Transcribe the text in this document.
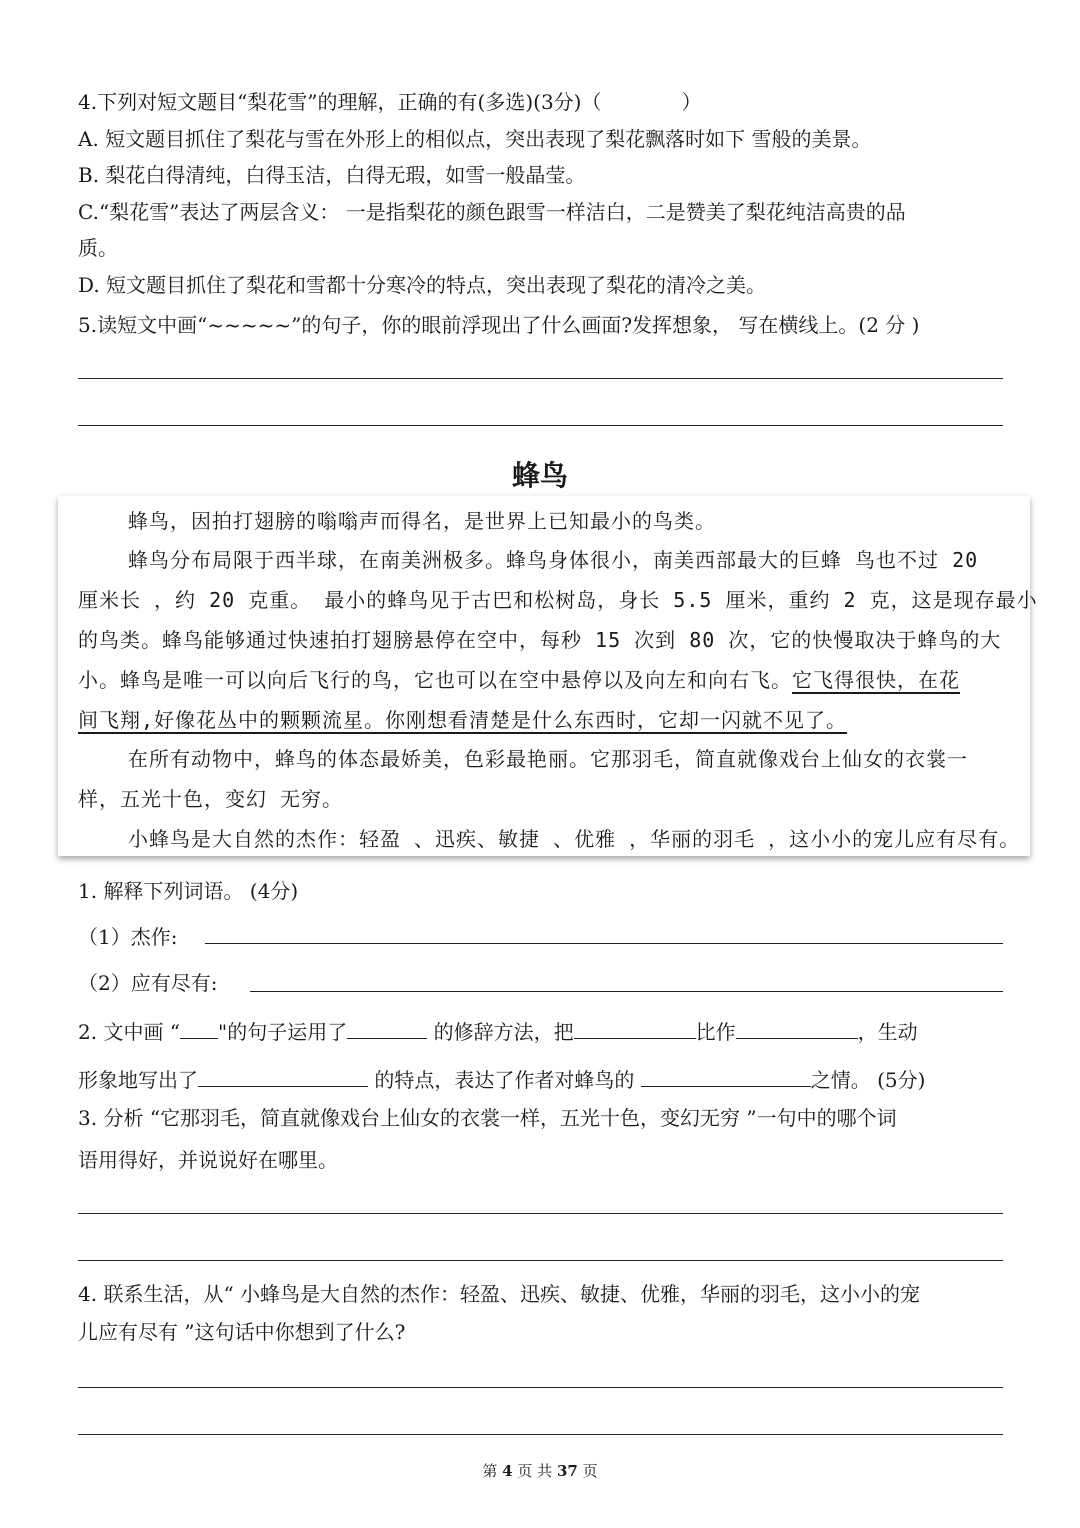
4.下列对短文题目“梨花雪”的理解，正确的有(多选)(3分)（　　　　）
A. 短文题目抓住了梨花与雪在外形上的相似点，突出表现了梨花飘落时如下 雪般的美景。
B. 梨花白得清纯，白得玉洁，白得无瑕，如雪一般晶莹。
C.“梨花雪”表达了两层含义： 一是指梨花的颜色跟雪一样洁白，二是赞美了梨花纯洁高贵的品
质。
D. 短文题目抓住了梨花和雪都十分寒冷的特点，突出表现了梨花的清冷之美。
5.读短文中画“~~~~~”的句子，你的眼前浮现出了什么画面?发挥想象， 写在横线上。(2 分 )
蜂鸟
蜂鸟，因拍打翅膀的嗡嗡声而得名，是世界上已知最小的鸟类。
蜂鸟分布局限于西半球，在南美洲极多。蜂鸟身体很小，南美西部最大的巨蜂 鸟也不过 20
厘米长 ，约 20 克重。 最小的蜂鸟见于古巴和松树岛，身长 5.5 厘米，重约 2 克，这是现存最小
的鸟类。蜂鸟能够通过快速拍打翅膀悬停在空中，每秒 15 次到 80 次，它的快慢取决于蜂鸟的大
小。蜂鸟是唯一可以向后飞行的鸟，它也可以在空中悬停以及向左和向右飞。它飞得很快，在花
间飞翔,好像花丛中的颗颗流星。你刚想看清楚是什么东西时，它却一闪就不见了。
在所有动物中，蜂鸟的体态最娇美，色彩最艳丽。它那羽毛，简直就像戏台上仙女的衣裳一
样，五光十色，变幻 无穷。
小蜂鸟是大自然的杰作：轻盈 、迅疾、敏捷 、优雅 ，华丽的羽毛 ，这小小的宠儿应有尽有。
1. 解释下列词语。 (4分)
（1）杰作:
（2）应有尽有:
2. 文中画 “ "的句子运用了	的修辞方法，把	比作	，生动
形象地写出了	的特点，表达了作者对蜂鸟的	之情。 (5分)
3. 分析 “它那羽毛，简直就像戏台上仙女的衣裳一样，五光十色，变幻无穷 ”一句中的哪个词
语用得好，并说说好在哪里。
4. 联系生活，从“ 小蜂鸟是大自然的杰作：轻盈、迅疾、敏捷、优雅，华丽的羽毛，这小小的宠
儿应有尽有 ”这句话中你想到了什么?
第 4 页 共 37 页
